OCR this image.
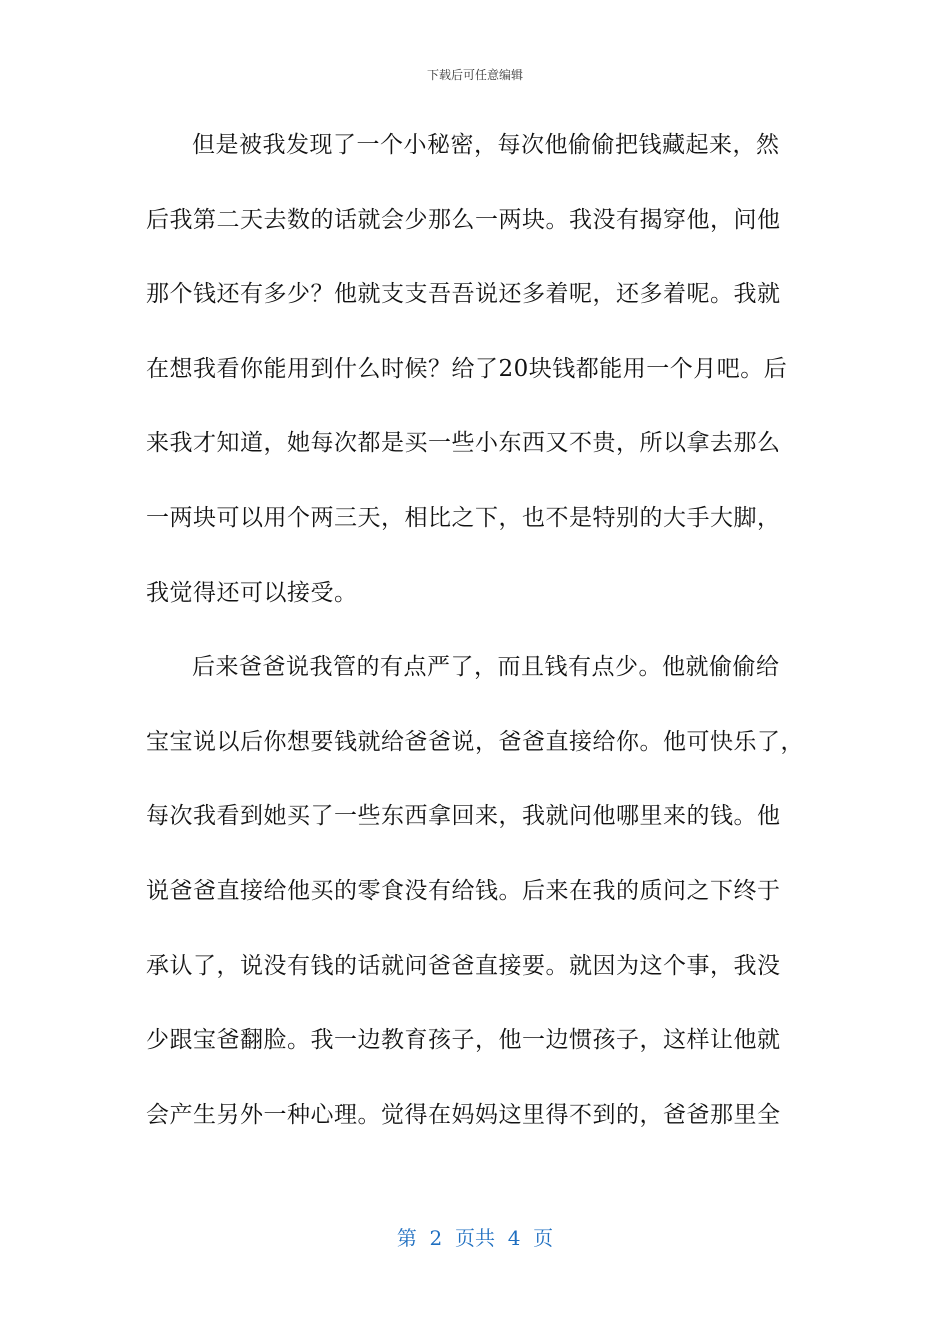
下载后可任意编辑
但是被我发现了一个小秘密，每次他偷偷把钱藏起来，然
后我第二天去数的话就会少那么一两块。我没有揭穿他，问他
那个钱还有多少？他就支支吾吾说还多着呢，还多着呢。我就
在想我看你能用到什么时候？给了20块钱都能用一个月吧。后
来我才知道，她每次都是买一些小东西又不贵，所以拿去那么
一两块可以用个两三天，相比之下，也不是特别的大手大脚，
我觉得还可以接受。
后来爸爸说我管的有点严了，而且钱有点少。他就偷偷给
宝宝说以后你想要钱就给爸爸说，爸爸直接给你。他可快乐了，
每次我看到她买了一些东西拿回来，我就问他哪里来的钱。他
说爸爸直接给他买的零食没有给钱。后来在我的质问之下终于
承认了，说没有钱的话就问爸爸直接要。就因为这个事，我没
少跟宝爸翻脸。我一边教育孩子，他一边惯孩子，这样让他就
会产生另外一种心理。觉得在妈妈这里得不到的，爸爸那里全
第  2  页共  4  页
